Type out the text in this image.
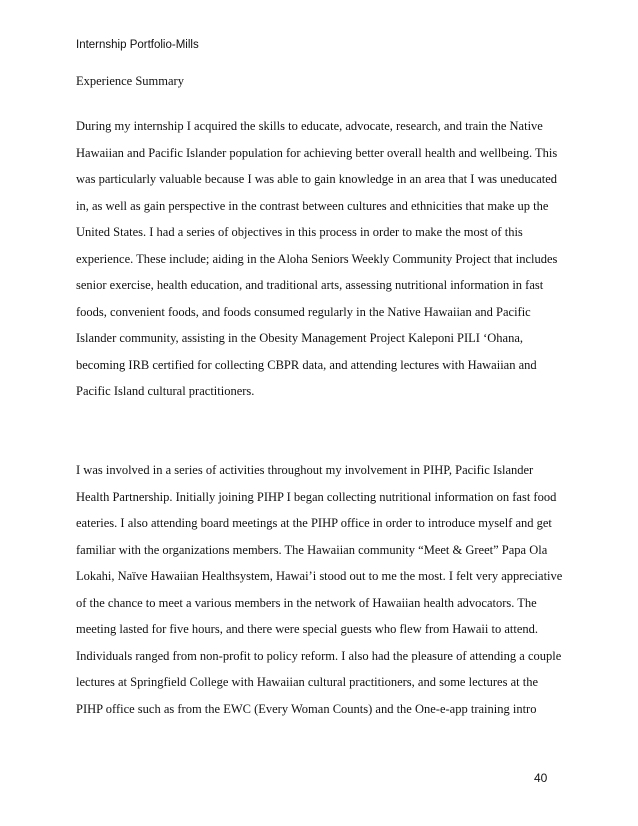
Internship Portfolio-Mills
Experience Summary
During my internship I acquired the skills to educate, advocate, research, and train the Native
Hawaiian and Pacific Islander population for achieving better overall health and wellbeing. This
was particularly valuable because I was able to gain knowledge in an area that I was uneducated
in, as well as gain perspective in the contrast between cultures and ethnicities that make up the
United States. I had a series of objectives in this process in order to make the most of this
experience. These include; aiding in the Aloha Seniors Weekly Community Project that includes
senior exercise, health education, and traditional arts, assessing nutritional information in fast
foods, convenient foods, and foods consumed regularly in the Native Hawaiian and Pacific
Islander community, assisting in the Obesity Management Project Kaleponi PILI ‘Ohana,
becoming IRB certified for collecting CBPR data, and attending lectures with Hawaiian and
Pacific Island cultural practitioners.
I was involved in a series of activities throughout my involvement in PIHP, Pacific Islander
Health Partnership. Initially joining PIHP I began collecting nutritional information on fast food
eateries. I also attending board meetings at the PIHP office in order to introduce myself and get
familiar with the organizations members. The Hawaiian community “Meet & Greet” Papa Ola
Lokahi, Naïve Hawaiian Healthsystem, Hawai’i stood out to me the most. I felt very appreciative
of the chance to meet a various members in the network of Hawaiian health advocators. The
meeting lasted for five hours, and there were special guests who flew from Hawaii to attend.
Individuals ranged from non-profit to policy reform. I also had the pleasure of attending a couple
lectures at Springfield College with Hawaiian cultural practitioners, and some lectures at the
PIHP office such as from the EWC (Every Woman Counts) and the One-e-app training intro
40
